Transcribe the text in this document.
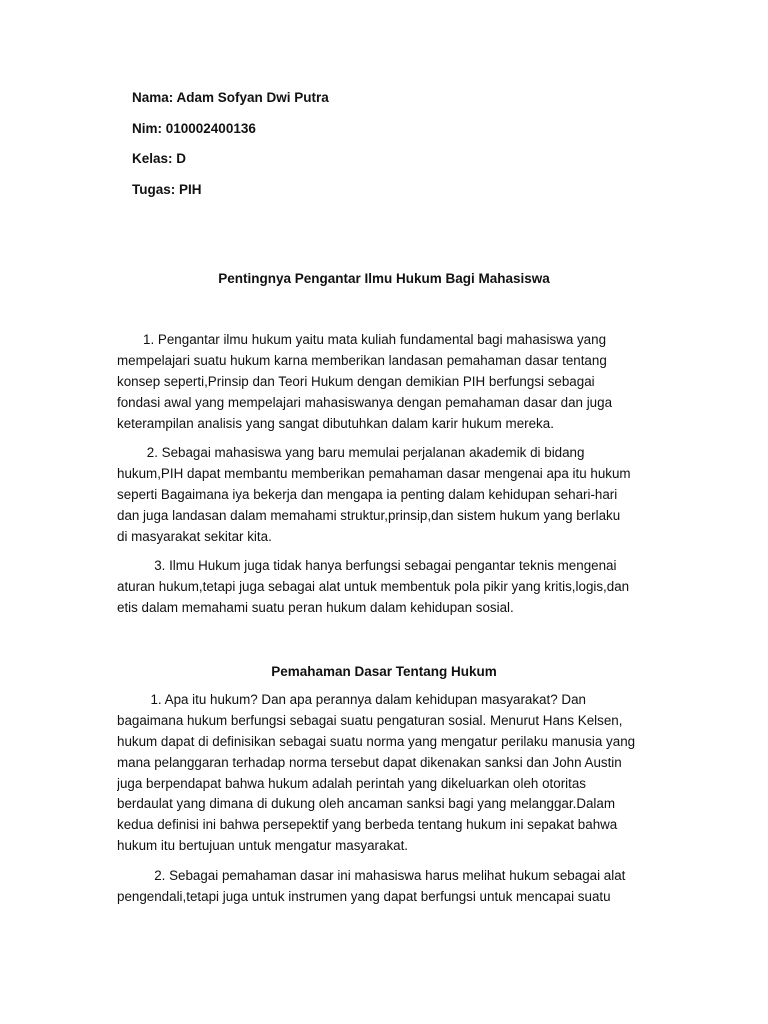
Nama: Adam Sofyan Dwi Putra
Nim: 010002400136
Kelas: D
Tugas: PIH
Pentingnya Pengantar Ilmu Hukum Bagi Mahasiswa
1. Pengantar ilmu hukum yaitu mata kuliah fundamental bagi mahasiswa yang
mempelajari suatu hukum karna memberikan landasan pemahaman dasar tentang
konsep seperti,Prinsip dan Teori Hukum dengan demikian PIH berfungsi sebagai
fondasi awal yang mempelajari mahasiswanya dengan pemahaman dasar dan juga
keterampilan analisis yang sangat dibutuhkan dalam karir hukum mereka.
2. Sebagai mahasiswa yang baru memulai perjalanan akademik di bidang
hukum,PIH dapat membantu memberikan pemahaman dasar mengenai apa itu hukum
seperti Bagaimana iya bekerja dan mengapa ia penting dalam kehidupan sehari-hari
dan juga landasan dalam memahami struktur,prinsip,dan sistem hukum yang berlaku
di masyarakat sekitar kita.
3. Ilmu Hukum juga tidak hanya berfungsi sebagai pengantar teknis mengenai
aturan hukum,tetapi juga sebagai alat untuk membentuk pola pikir yang kritis,logis,dan
etis dalam memahami suatu peran hukum dalam kehidupan sosial.
Pemahaman Dasar Tentang Hukum
1. Apa itu hukum? Dan apa perannya dalam kehidupan masyarakat? Dan
bagaimana hukum berfungsi sebagai suatu pengaturan sosial. Menurut Hans Kelsen,
hukum dapat di definisikan sebagai suatu norma yang mengatur perilaku manusia yang
mana pelanggaran terhadap norma tersebut dapat dikenakan sanksi dan John Austin
juga berpendapat bahwa hukum adalah perintah yang dikeluarkan oleh otoritas
berdaulat yang dimana di dukung oleh ancaman sanksi bagi yang melanggar.Dalam
kedua definisi ini bahwa persepektif yang berbeda tentang hukum ini sepakat bahwa
hukum itu bertujuan untuk mengatur masyarakat.
2. Sebagai pemahaman dasar ini mahasiswa harus melihat hukum sebagai alat
pengendali,tetapi juga untuk instrumen yang dapat berfungsi untuk mencapai suatu
